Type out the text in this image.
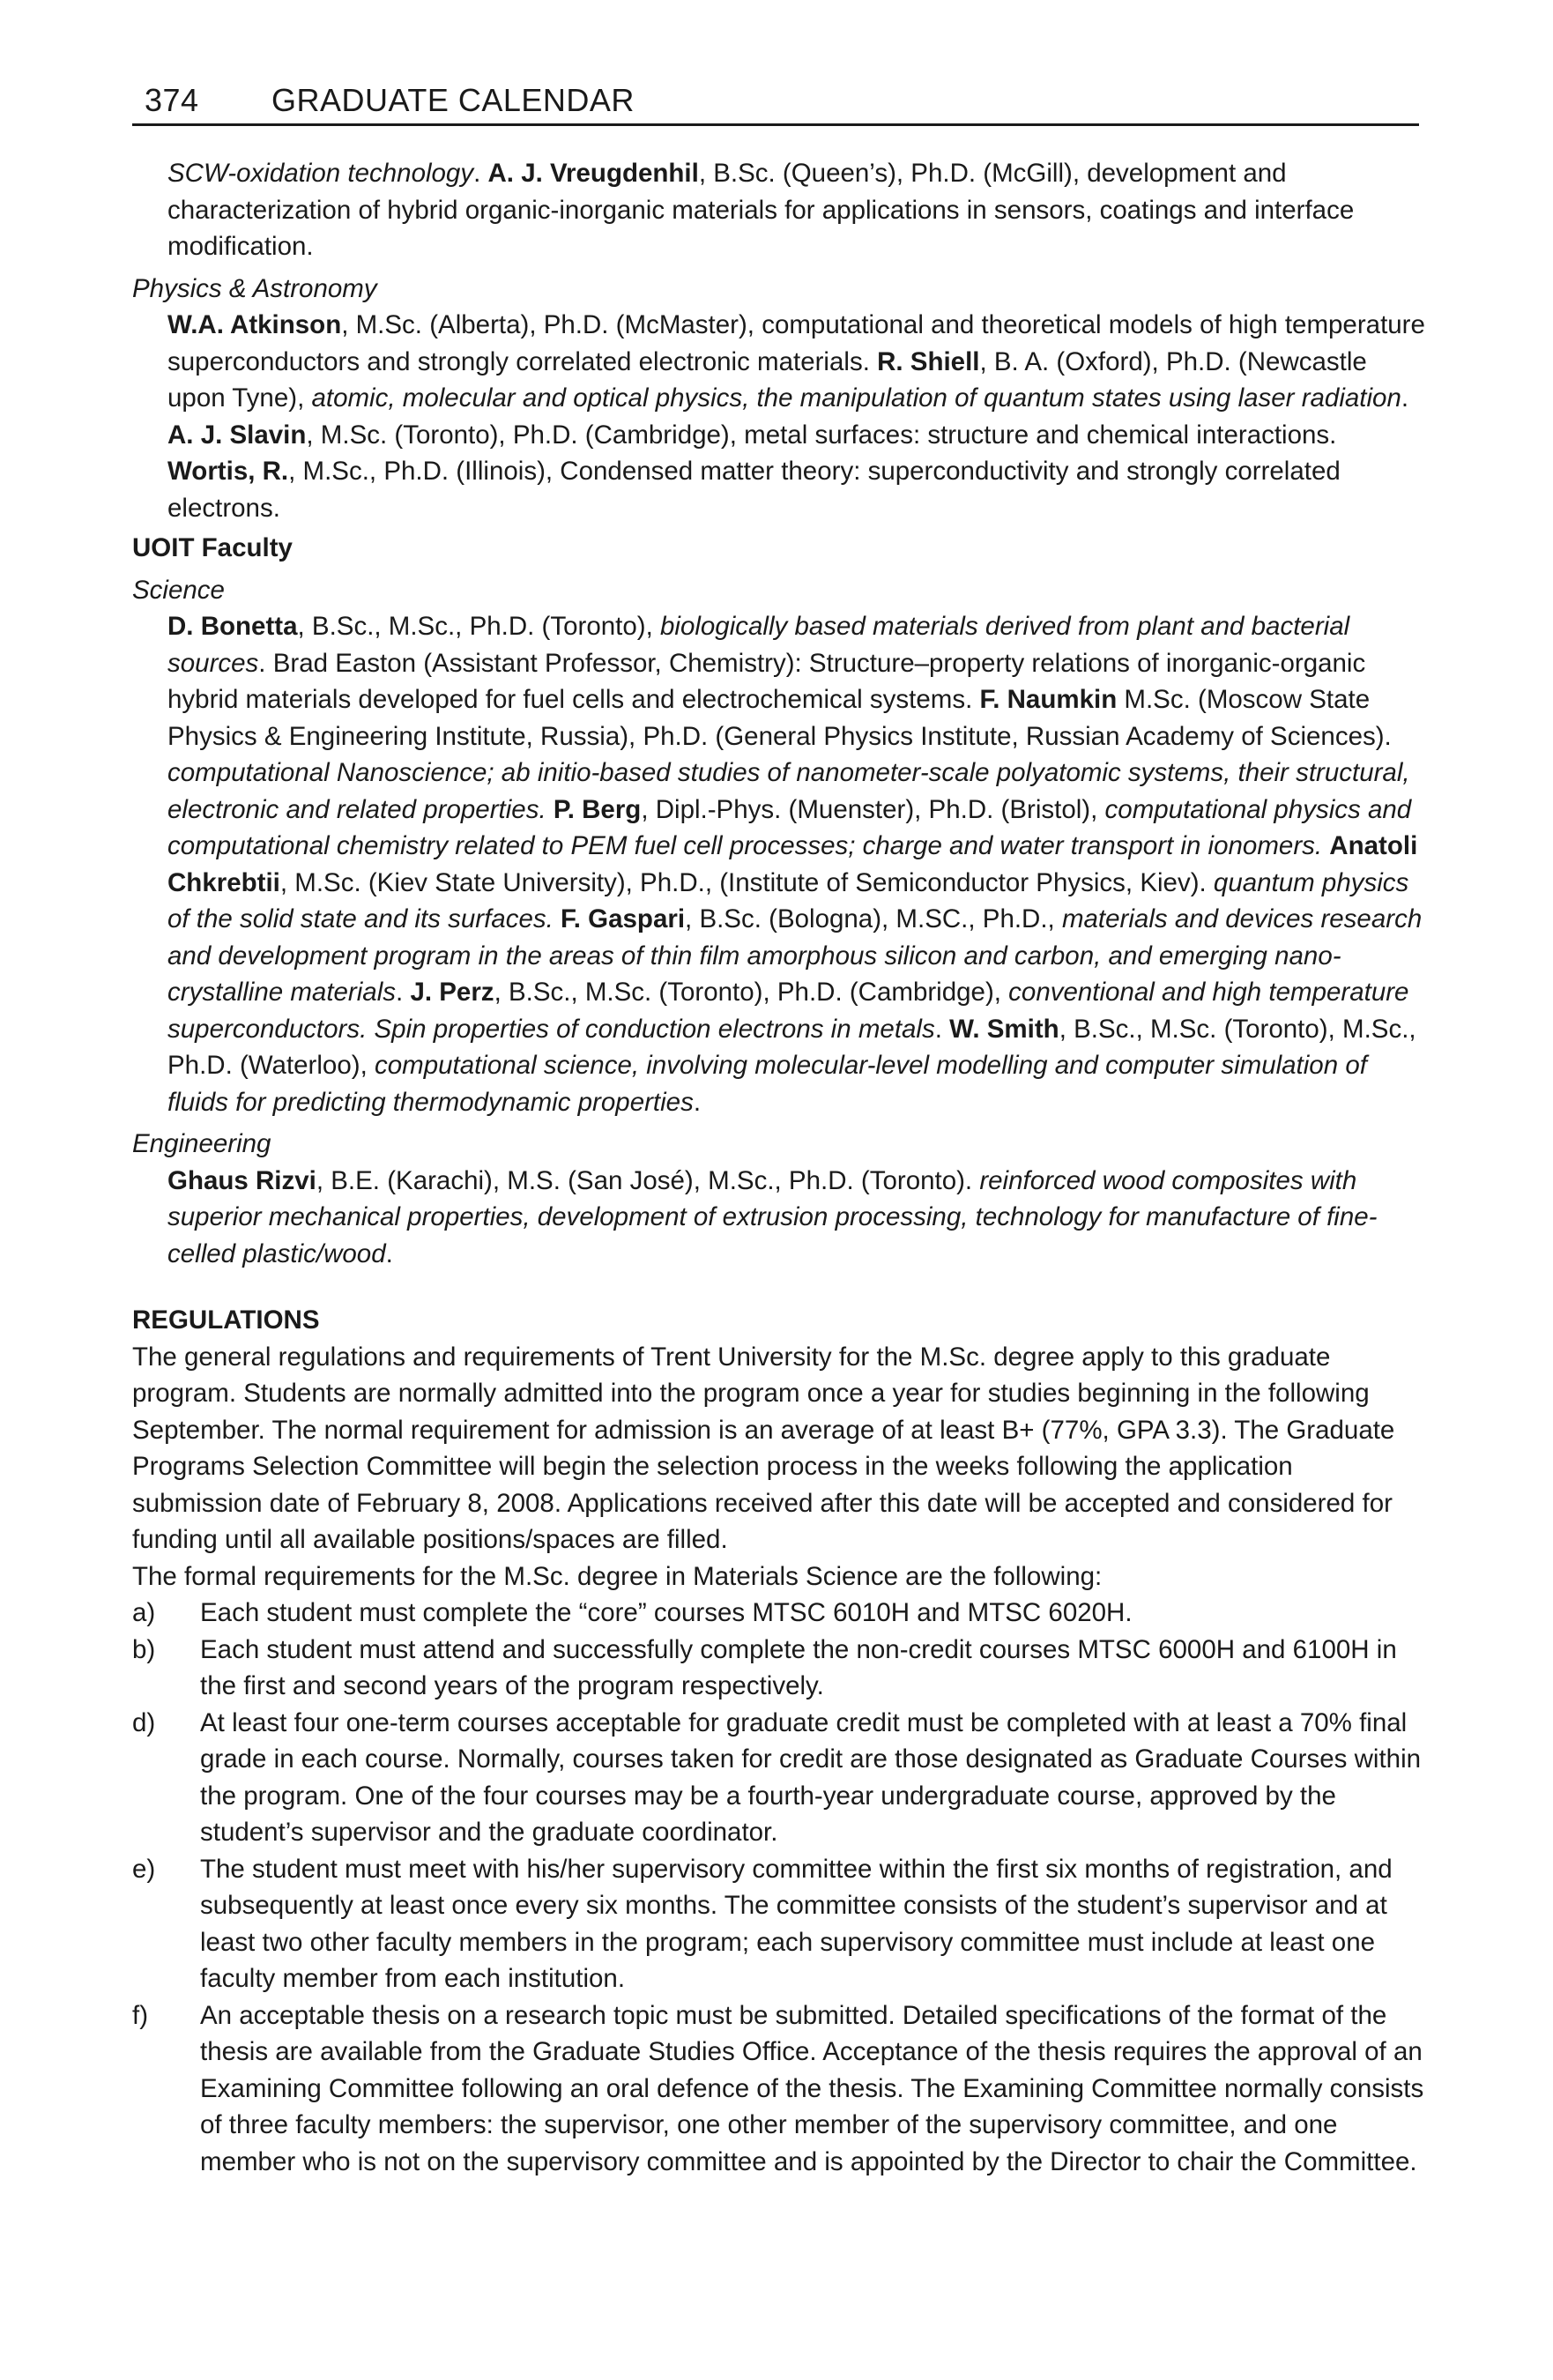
374 GRADUATE CALENDAR

SCW-oxidation technology. A. J. Vreugdenhil, B.Sc. (Queen’s), Ph.D. (McGill), development and characterization of hybrid organic-inorganic materials for applications in sensors, coatings and interface modification.

Physics & Astronomy

W.A. Atkinson, M.Sc. (Alberta), Ph.D. (McMaster), computational and theoretical models of high temperature superconductors and strongly correlated electronic materials. R. Shiell, B. A. (Oxford), Ph.D. (Newcastle upon Tyne), atomic, molecular and optical physics, the manipulation of quantum states using laser radiation. A. J. Slavin, M.Sc. (Toronto), Ph.D. (Cambridge), metal surfaces: structure and chemical interactions. Wortis, R., M.Sc., Ph.D. (Illinois), Condensed matter theory: superconductivity and strongly correlated electrons.

UOIT Faculty

Science

D. Bonetta, B.Sc., M.Sc., Ph.D. (Toronto), biologically based materials derived from plant and bacterial sources. Brad Easton (Assistant Professor, Chemistry): Structure–property relations of inorganic-organic hybrid materials developed for fuel cells and electrochemical systems. F. Naumkin M.Sc. (Moscow State Physics & Engineering Institute, Russia), Ph.D. (General Physics Institute, Russian Academy of Sciences). computational Nanoscience; ab initio-based studies of nanometer-scale polyatomic systems, their structural, electronic and related properties. P. Berg, Dipl.-Phys. (Muenster), Ph.D. (Bristol), computational physics and computational chemistry related to PEM fuel cell processes; charge and water transport in ionomers. Anatoli Chkrebtii, M.Sc. (Kiev State University), Ph.D., (Institute of Semiconductor Physics, Kiev). quantum physics of the solid state and its surfaces. F. Gaspari, B.Sc. (Bologna), M.SC., Ph.D., materials and devices research and development program in the areas of thin film amorphous silicon and carbon, and emerging nano-crystalline materials. J. Perz, B.Sc., M.Sc. (Toronto), Ph.D. (Cambridge), conventional and high temperature superconductors. Spin properties of conduction electrons in metals. W. Smith, B.Sc., M.Sc. (Toronto), M.Sc., Ph.D. (Waterloo), computational science, involving molecular-level modelling and computer simulation of fluids for predicting thermodynamic properties.

Engineering

Ghaus Rizvi, B.E. (Karachi), M.S. (San José), M.Sc., Ph.D. (Toronto). reinforced wood composites with superior mechanical properties, development of extrusion processing, technology for manufacture of fine-celled plastic/wood.

REGULATIONS

The general regulations and requirements of Trent University for the M.Sc. degree apply to this graduate program. Students are normally admitted into the program once a year for studies beginning in the following September. The normal requirement for admission is an average of at least B+ (77%, GPA 3.3). The Graduate Programs Selection Committee will begin the selection process in the weeks following the application submission date of February 8, 2008. Applications received after this date will be accepted and considered for funding until all available positions/spaces are filled.

The formal requirements for the M.Sc. degree in Materials Science are the following:

a) Each student must complete the “core” courses MTSC 6010H and MTSC 6020H.
b) Each student must attend and successfully complete the non-credit courses MTSC 6000H and 6100H in the first and second years of the program respectively.
d) At least four one-term courses acceptable for graduate credit must be completed with at least a 70% final grade in each course. Normally, courses taken for credit are those designated as Graduate Courses within the program. One of the four courses may be a fourth-year undergraduate course, approved by the student’s supervisor and the graduate coordinator.
e) The student must meet with his/her supervisory committee within the first six months of registration, and subsequently at least once every six months. The committee consists of the student’s supervisor and at least two other faculty members in the program; each supervisory committee must include at least one faculty member from each institution.
f) An acceptable thesis on a research topic must be submitted. Detailed specifications of the format of the thesis are available from the Graduate Studies Office. Acceptance of the thesis requires the approval of an Examining Committee following an oral defence of the thesis. The Examining Committee normally consists of three faculty members: the supervisor, one other member of the supervisory committee, and one member who is not on the supervisory committee and is appointed by the Director to chair the Committee.
